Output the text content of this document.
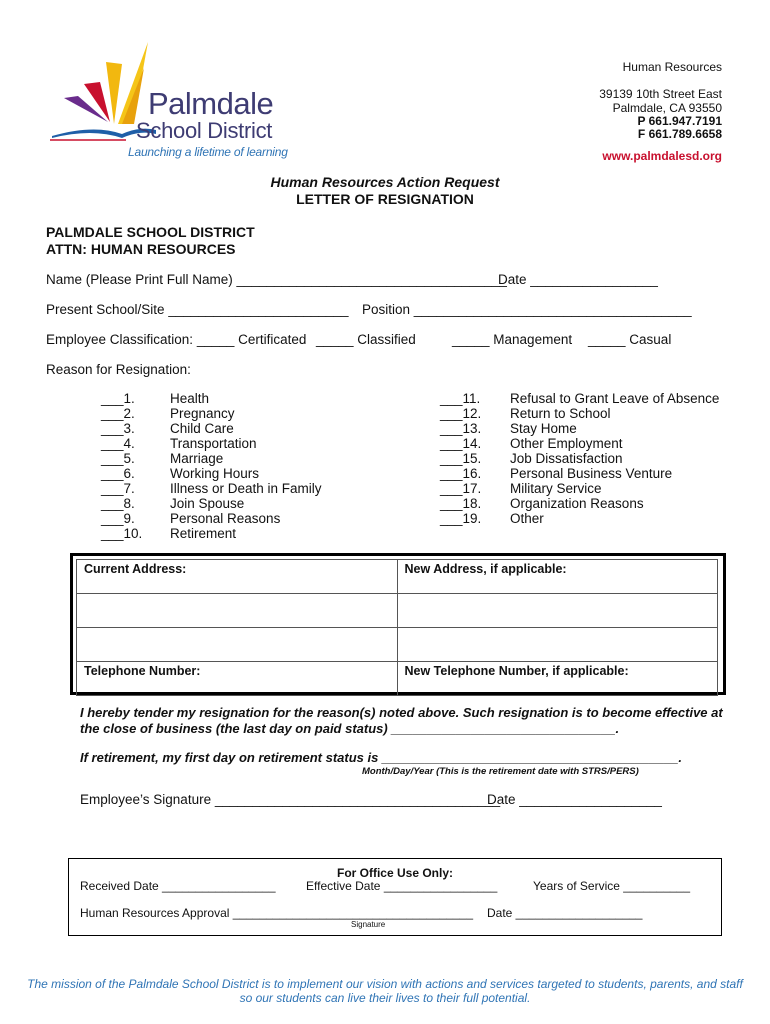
Palmdale
School District
Launching a lifetime of learning
Human Resources
39139 10th Street East
Palmdale, CA 93550
P 661.947.7191
F 661.789.6658
www.palmdalesd.org
Human Resources Action Request
LETTER OF RESIGNATION
PALMDALE SCHOOL DISTRICT
ATTN: HUMAN RESOURCES
Name (Please Print Full Name) ____________________________________
Date _________________
Present School/Site ________________________ Position _____________________________________
Employee Classification: _____ Certificated _____ Classified	_____ Management _____ Casual
Reason for Resignation:
___1.
___2.
___3.
___4.
___5.
___6.
___7.
___8.
___9.
___10.
Health
Pregnancy
Child Care
Transportation
Marriage
Working Hours
Illness or Death in Family
Join Spouse
Personal Reasons
Retirement
___11.
___12.
___13.
___14.
___15.
___16.
___17.
___18.
___19.
Refusal to Grant Leave of Absence
Return to School
Stay Home
Other Employment
Job Dissatisfaction
Personal Business Venture
Military Service
Organization Reasons
Other
Current Address:	New Address, if applicable:

Telephone Number:	New Telephone Number, if applicable:
I hereby tender my resignation for the reason(s) noted above. Such resignation is to become effective at
the close of business (the last day on paid status) _______________________________.
If retirement, my first day on retirement status is _________________________________________.
Month/Day/Year (This is the retirement date with STRS/PERS)
Employee’s Signature ______________________________________
Date ___________________
For Office Use Only:
Received Date _________________	Effective Date _________________	Years of Service __________
Human Resources Approval ____________________________________
Signature
Date ___________________
The mission of the Palmdale School District is to implement our vision with actions and services targeted to students, parents, and staff
so our students can live their lives to their full potential.
